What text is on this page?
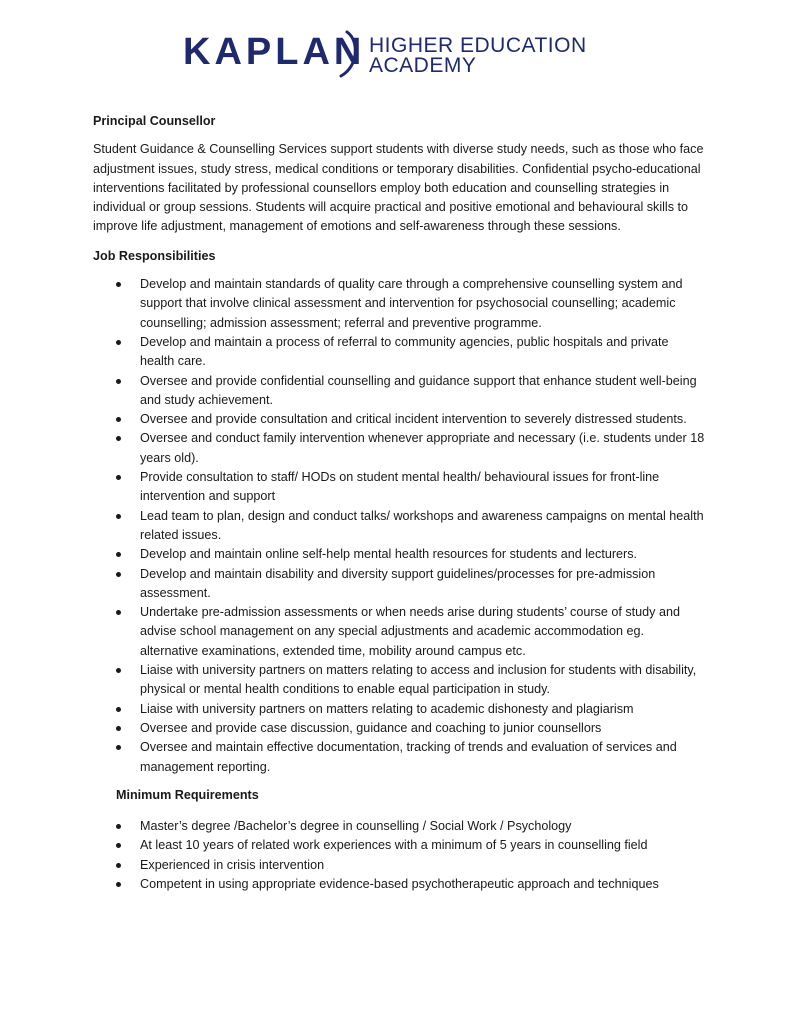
KAPLAN HIGHER EDUCATION
ACADEMY

Principal Counsellor

Student Guidance & Counselling Services support students with diverse study needs, such as those who face adjustment issues, study stress, medical conditions or temporary disabilities. Confidential psycho-educational interventions facilitated by professional counsellors employ both education and counselling strategies in individual or group sessions. Students will acquire practical and positive emotional and behavioural skills to improve life adjustment, management of emotions and self-awareness through these sessions.

Job Responsibilities

Develop and maintain standards of quality care through a comprehensive counselling system and support that involve clinical assessment and intervention for psychosocial counselling; academic counselling; admission assessment; referral and preventive programme.
Develop and maintain a process of referral to community agencies, public hospitals and private health care.
Oversee and provide confidential counselling and guidance support that enhance student well-being and study achievement.
Oversee and provide consultation and critical incident intervention to severely distressed students.
Oversee and conduct family intervention whenever appropriate and necessary (i.e. students under 18 years old).
Provide consultation to staff/ HODs on student mental health/ behavioural issues for front-line intervention and support
Lead team to plan, design and conduct talks/ workshops and awareness campaigns on mental health related issues.
Develop and maintain online self-help mental health resources for students and lecturers.
Develop and maintain disability and diversity support guidelines/processes for pre-admission assessment.
Undertake pre-admission assessments or when needs arise during students’ course of study and advise school management on any special adjustments and academic accommodation eg. alternative examinations, extended time, mobility around campus etc.
Liaise with university partners on matters relating to access and inclusion for students with disability, physical or mental health conditions to enable equal participation in study.
Liaise with university partners on matters relating to academic dishonesty and plagiarism
Oversee and provide case discussion, guidance and coaching to junior counsellors
Oversee and maintain effective documentation, tracking of trends and evaluation of services and management reporting.

Minimum Requirements

Master’s degree /Bachelor’s degree in counselling / Social Work / Psychology
At least 10 years of related work experiences with a minimum of 5 years in counselling field
Experienced in crisis intervention
Competent in using appropriate evidence-based psychotherapeutic approach and techniques
